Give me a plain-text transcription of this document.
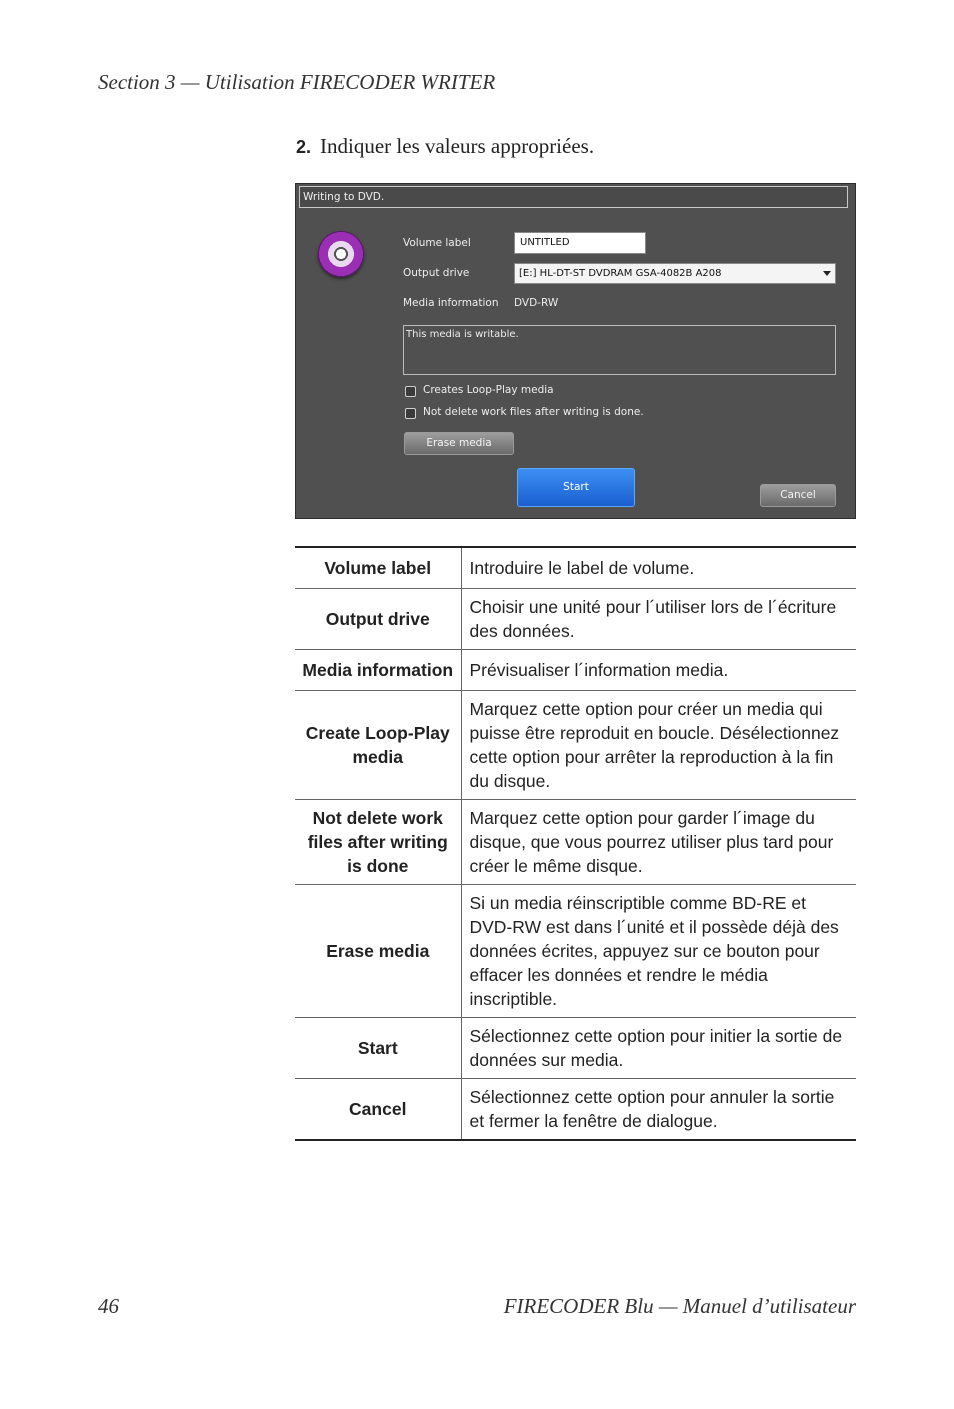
Section 3 — Utilisation FIRECODER WRITER
2. Indiquer les valeurs appropriées.
Writing to DVD.
Volume label	UNTITLED
Output drive	[E:] HL-DT-ST DVDRAM GSA-4082B A208
Media information DVD-RW
This media is writable.
Creates Loop-Play media
Not delete work files after writing is done.
Erase media
Start
Cancel
Volume label	Introduire le label de volume.
Output drive	Choisir une unité pour l´utiliser lors de l´écriture des données.
Media information	Prévisualiser l´information media.
Create Loop-Play media	Marquez cette option pour créer un media qui puisse être reproduit en boucle. Désélectionnez cette option pour arrêter la reproduction à la fin du disque.
Not delete work files after writing is done	Marquez cette option pour garder l´image du disque, que vous pourrez utiliser plus tard pour créer le même disque.
Erase media	Si un media réinscriptible comme BD-RE et DVD-RW est dans l´unité et il possède déjà des données écrites, appuyez sur ce bouton pour effacer les données et rendre le média inscriptible.
Start	Sélectionnez cette option pour initier la sortie de données sur media.
Cancel	Sélectionnez cette option pour annuler la sortie et fermer la fenêtre de dialogue.
46	FIRECODER Blu — Manuel d’utilisateur
